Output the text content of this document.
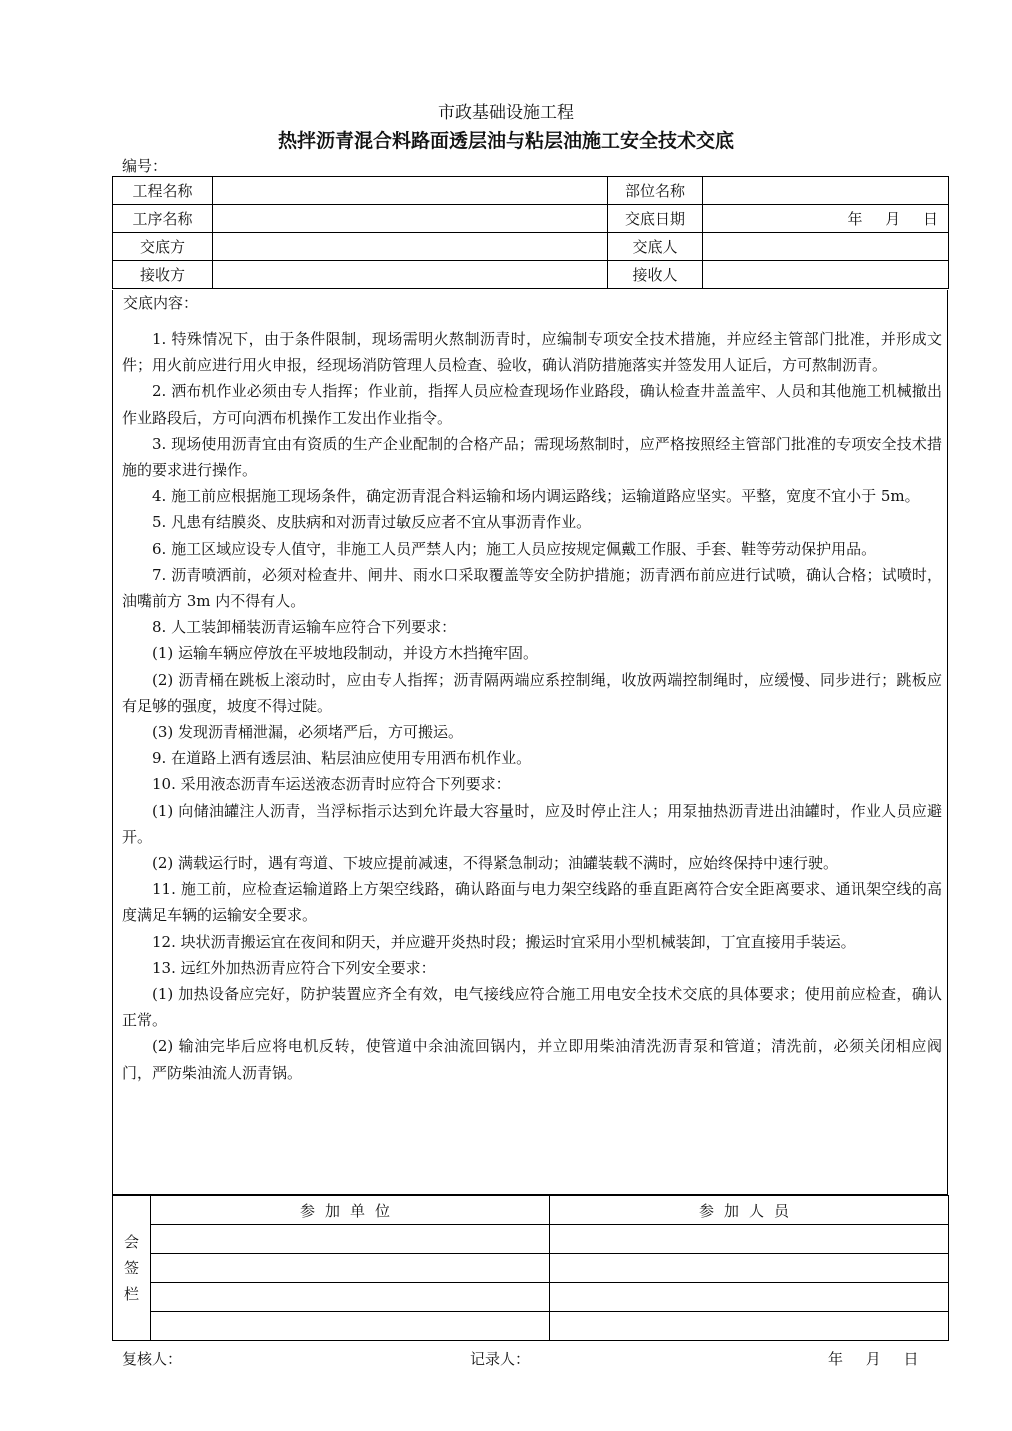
市政基础设施工程
热拌沥青混合料路面透层油与粘层油施工安全技术交底
编号：
工程名称		部位名称	
工序名称		交底日期	年 月 日
交底方		交底人	
接收方		接收人	
交底内容：

1. 特殊情况下，由于条件限制，现场需明火熬制沥青时，应编制专项安全技术措施，并应经主管部门批准，并形成文件；用火前应进行用火申报，经现场消防管理人员检查、验收，确认消防措施落实并签发用人证后，方可熬制沥青。

2. 洒布机作业必须由专人指挥；作业前，指挥人员应检查现场作业路段，确认检查井盖盖牢、人员和其他施工机械撤出作业路段后，方可向洒布机操作工发出作业指令。

3. 现场使用沥青宜由有资质的生产企业配制的合格产品；需现场熬制时，应严格按照经主管部门批准的专项安全技术措施的要求进行操作。

4. 施工前应根据施工现场条件，确定沥青混合料运输和场内调运路线；运输道路应坚实。平整，宽度不宜小于 5m。

5. 凡患有结膜炎、皮肤病和对沥青过敏反应者不宜从事沥青作业。

6. 施工区域应设专人值守，非施工人员严禁人内；施工人员应按规定佩戴工作服、手套、鞋等劳动保护用品。

7. 沥青喷洒前，必须对检查井、闸井、雨水口采取覆盖等安全防护措施；沥青洒布前应进行试喷，确认合格；试喷时，油嘴前方 3m 内不得有人。

8. 人工装卸桶装沥青运输车应符合下列要求：

(1) 运输车辆应停放在平坡地段制动，并设方木挡掩牢固。

(2) 沥青桶在跳板上滚动时，应由专人指挥；沥青隔两端应系控制绳，收放两端控制绳时，应缓慢、同步进行；跳板应有足够的强度，坡度不得过陡。

(3) 发现沥青桶泄漏，必须堵严后，方可搬运。

9. 在道路上洒有透层油、粘层油应使用专用洒布机作业。

10. 采用液态沥青车运送液态沥青时应符合下列要求：

(1) 向储油罐注人沥青，当浮标指示达到允许最大容量时，应及时停止注人；用泵抽热沥青进出油罐时，作业人员应避开。

(2) 满载运行时，遇有弯道、下坡应提前减速，不得紧急制动；油罐装载不满时，应始终保持中速行驶。

11. 施工前，应检查运输道路上方架空线路，确认路面与电力架空线路的垂直距离符合安全距离要求、通讯架空线的高度满足车辆的运输安全要求。

12. 块状沥青搬运宜在夜间和阴天，并应避开炎热时段；搬运时宜采用小型机械装卸，丁宜直接用手装运。

13. 远红外加热沥青应符合下列安全要求：

(1) 加热设备应完好，防护装置应齐全有效，电气接线应符合施工用电安全技术交底的具体要求；使用前应检查，确认正常。

(2) 输油完毕后应将电机反转，使管道中余油流回锅内，并立即用柴油清洗沥青泵和管道；清洗前，必须关闭相应阀门，严防柴油流人沥青锅。

会
签
栏	参加单位	参加人员

复核人：	记录人：	年 月 日
